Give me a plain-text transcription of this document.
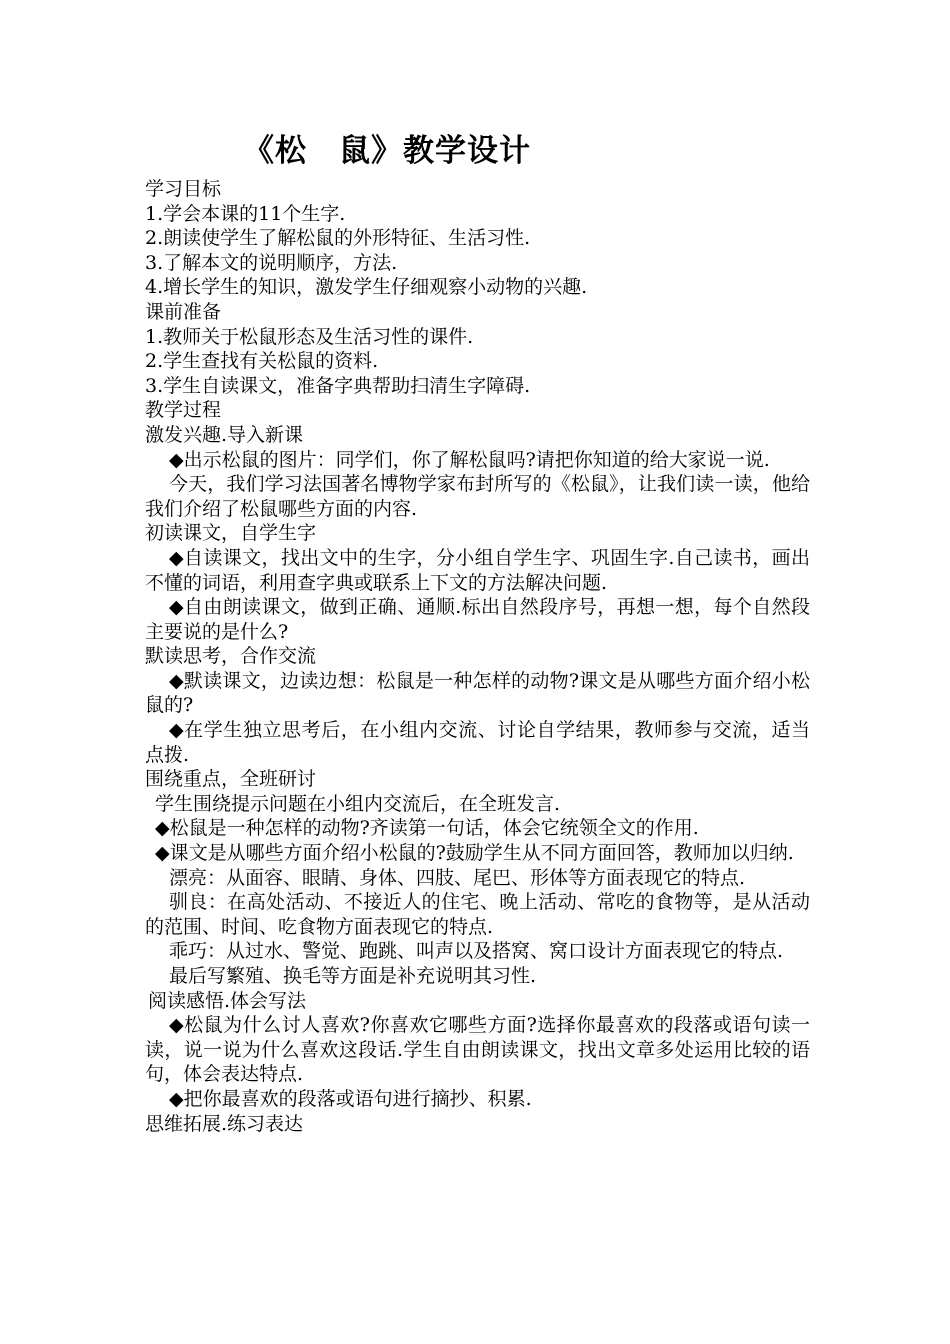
《松　鼠》教学设计
学习目标
1.学会本课的11个生字.
2.朗读使学生了解松鼠的外形特征、生活习性.
3.了解本文的说明顺序，方法.
4.增长学生的知识，激发学生仔细观察小动物的兴趣.
课前准备
1.教师关于松鼠形态及生活习性的课件.
2.学生查找有关松鼠的资料.
3.学生自读课文，准备字典帮助扫清生字障碍.
教学过程
激发兴趣.导入新课
◆出示松鼠的图片：同学们，你了解松鼠吗?请把你知道的给大家说一说.
今天，我们学习法国著名博物学家布封所写的《松鼠》，让我们读一读，他给我们介绍了松鼠哪些方面的内容.
初读课文，自学生字
◆自读课文，找出文中的生字，分小组自学生字、巩固生字.自己读书，画出不懂的词语，利用查字典或联系上下文的方法解决问题.
◆自由朗读课文，做到正确、通顺.标出自然段序号，再想一想，每个自然段主要说的是什么?
默读思考，合作交流
◆默读课文，边读边想：松鼠是一种怎样的动物?课文是从哪些方面介绍小松鼠的?
◆在学生独立思考后，在小组内交流、讨论自学结果，教师参与交流，适当点拨.
围绕重点，全班研讨
学生围绕提示问题在小组内交流后，在全班发言.
◆松鼠是一种怎样的动物?齐读第一句话，体会它统领全文的作用.
◆课文是从哪些方面介绍小松鼠的?鼓励学生从不同方面回答，教师加以归纳.
漂亮：从面容、眼睛、身体、四肢、尾巴、形体等方面表现它的特点.
驯良：在高处活动、不接近人的住宅、晚上活动、常吃的食物等，是从活动的范围、时间、吃食物方面表现它的特点.
乖巧：从过水、警觉、跑跳、叫声以及搭窝、窝口设计方面表现它的特点.
最后写繁殖、换毛等方面是补充说明其习性.
阅读感悟.体会写法
◆松鼠为什么讨人喜欢?你喜欢它哪些方面?选择你最喜欢的段落或语句读一读，说一说为什么喜欢这段话.学生自由朗读课文，找出文章多处运用比较的语句，体会表达特点.
◆把你最喜欢的段落或语句进行摘抄、积累.
思维拓展.练习表达
